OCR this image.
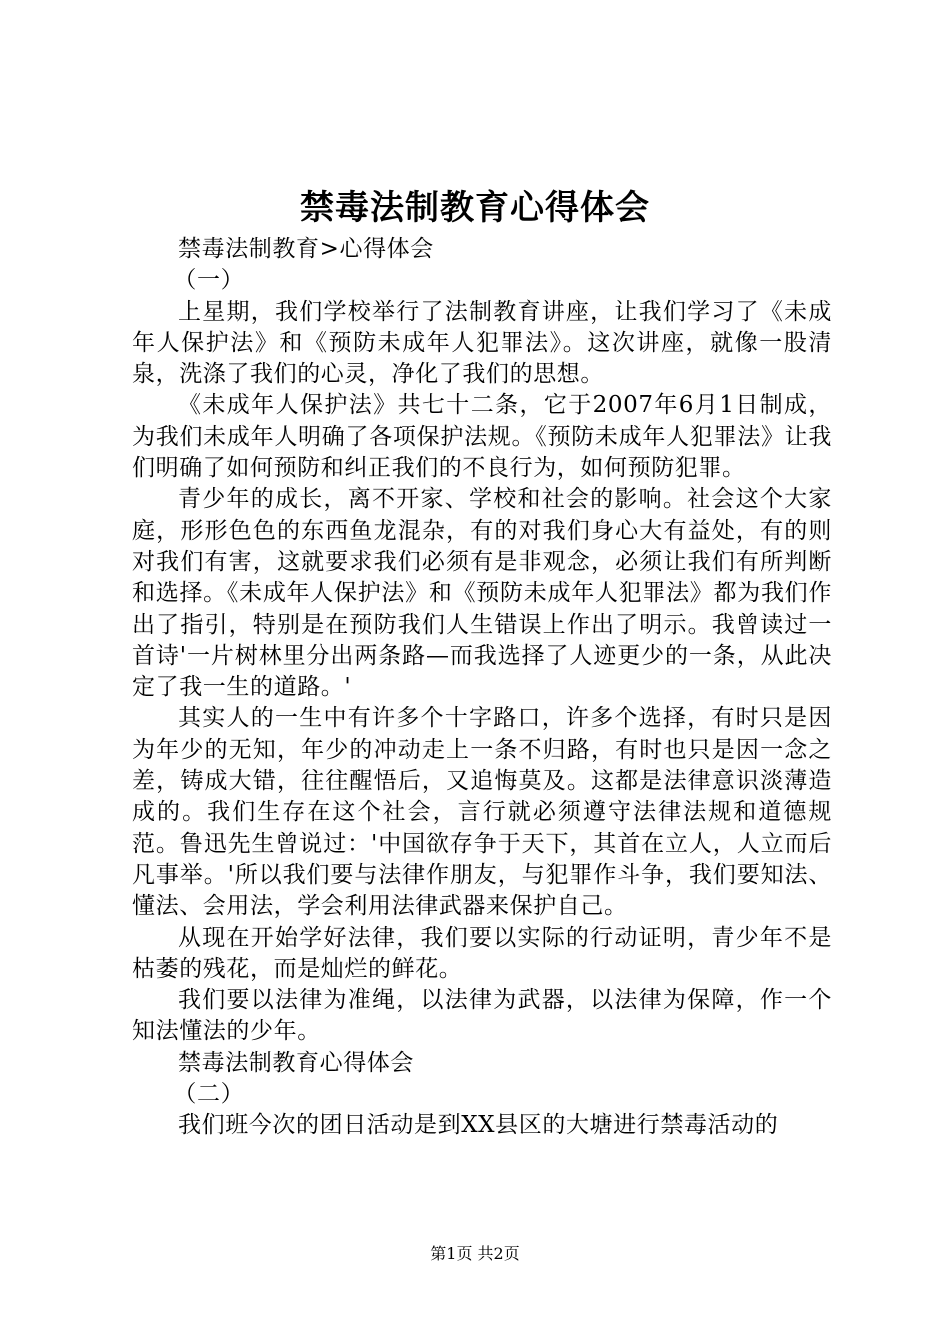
禁毒法制教育心得体会

禁毒法制教育>心得体会

（一）

上星期，我们学校举行了法制教育讲座，让我们学习了《未成年人保护法》和《预防未成年人犯罪法》。这次讲座，就像一股清泉，洗涤了我们的心灵，净化了我们的思想。

《未成年人保护法》共七十二条，它于2007年6月1日制成，为我们未成年人明确了各项保护法规。《预防未成年人犯罪法》让我们明确了如何预防和纠正我们的不良行为，如何预防犯罪。

青少年的成长，离不开家、学校和社会的影响。社会这个大家庭，形形色色的东西鱼龙混杂，有的对我们身心大有益处，有的则对我们有害，这就要求我们必须有是非观念，必须让我们有所判断和选择。《未成年人保护法》和《预防未成年人犯罪法》都为我们作出了指引，特别是在预防我们人生错误上作出了明示。我曾读过一首诗'一片树林里分出两条路—而我选择了人迹更少的一条，从此决定了我一生的道路。'

其实人的一生中有许多个十字路口，许多个选择，有时只是因为年少的无知，年少的冲动走上一条不归路，有时也只是因一念之差，铸成大错，往往醒悟后，又追悔莫及。这都是法律意识淡薄造成的。我们生存在这个社会，言行就必须遵守法律法规和道德规范。鲁迅先生曾说过：'中国欲存争于天下，其首在立人，人立而后凡事举。'所以我们要与法律作朋友，与犯罪作斗争，我们要知法、懂法、会用法，学会利用法律武器来保护自己。

从现在开始学好法律，我们要以实际的行动证明，青少年不是枯萎的残花，而是灿烂的鲜花。

我们要以法律为准绳，以法律为武器，以法律为保障，作一个知法懂法的少年。

禁毒法制教育心得体会

（二）

我们班今次的团日活动是到XX县区的大塘进行禁毒活动的

第1页 共2页
